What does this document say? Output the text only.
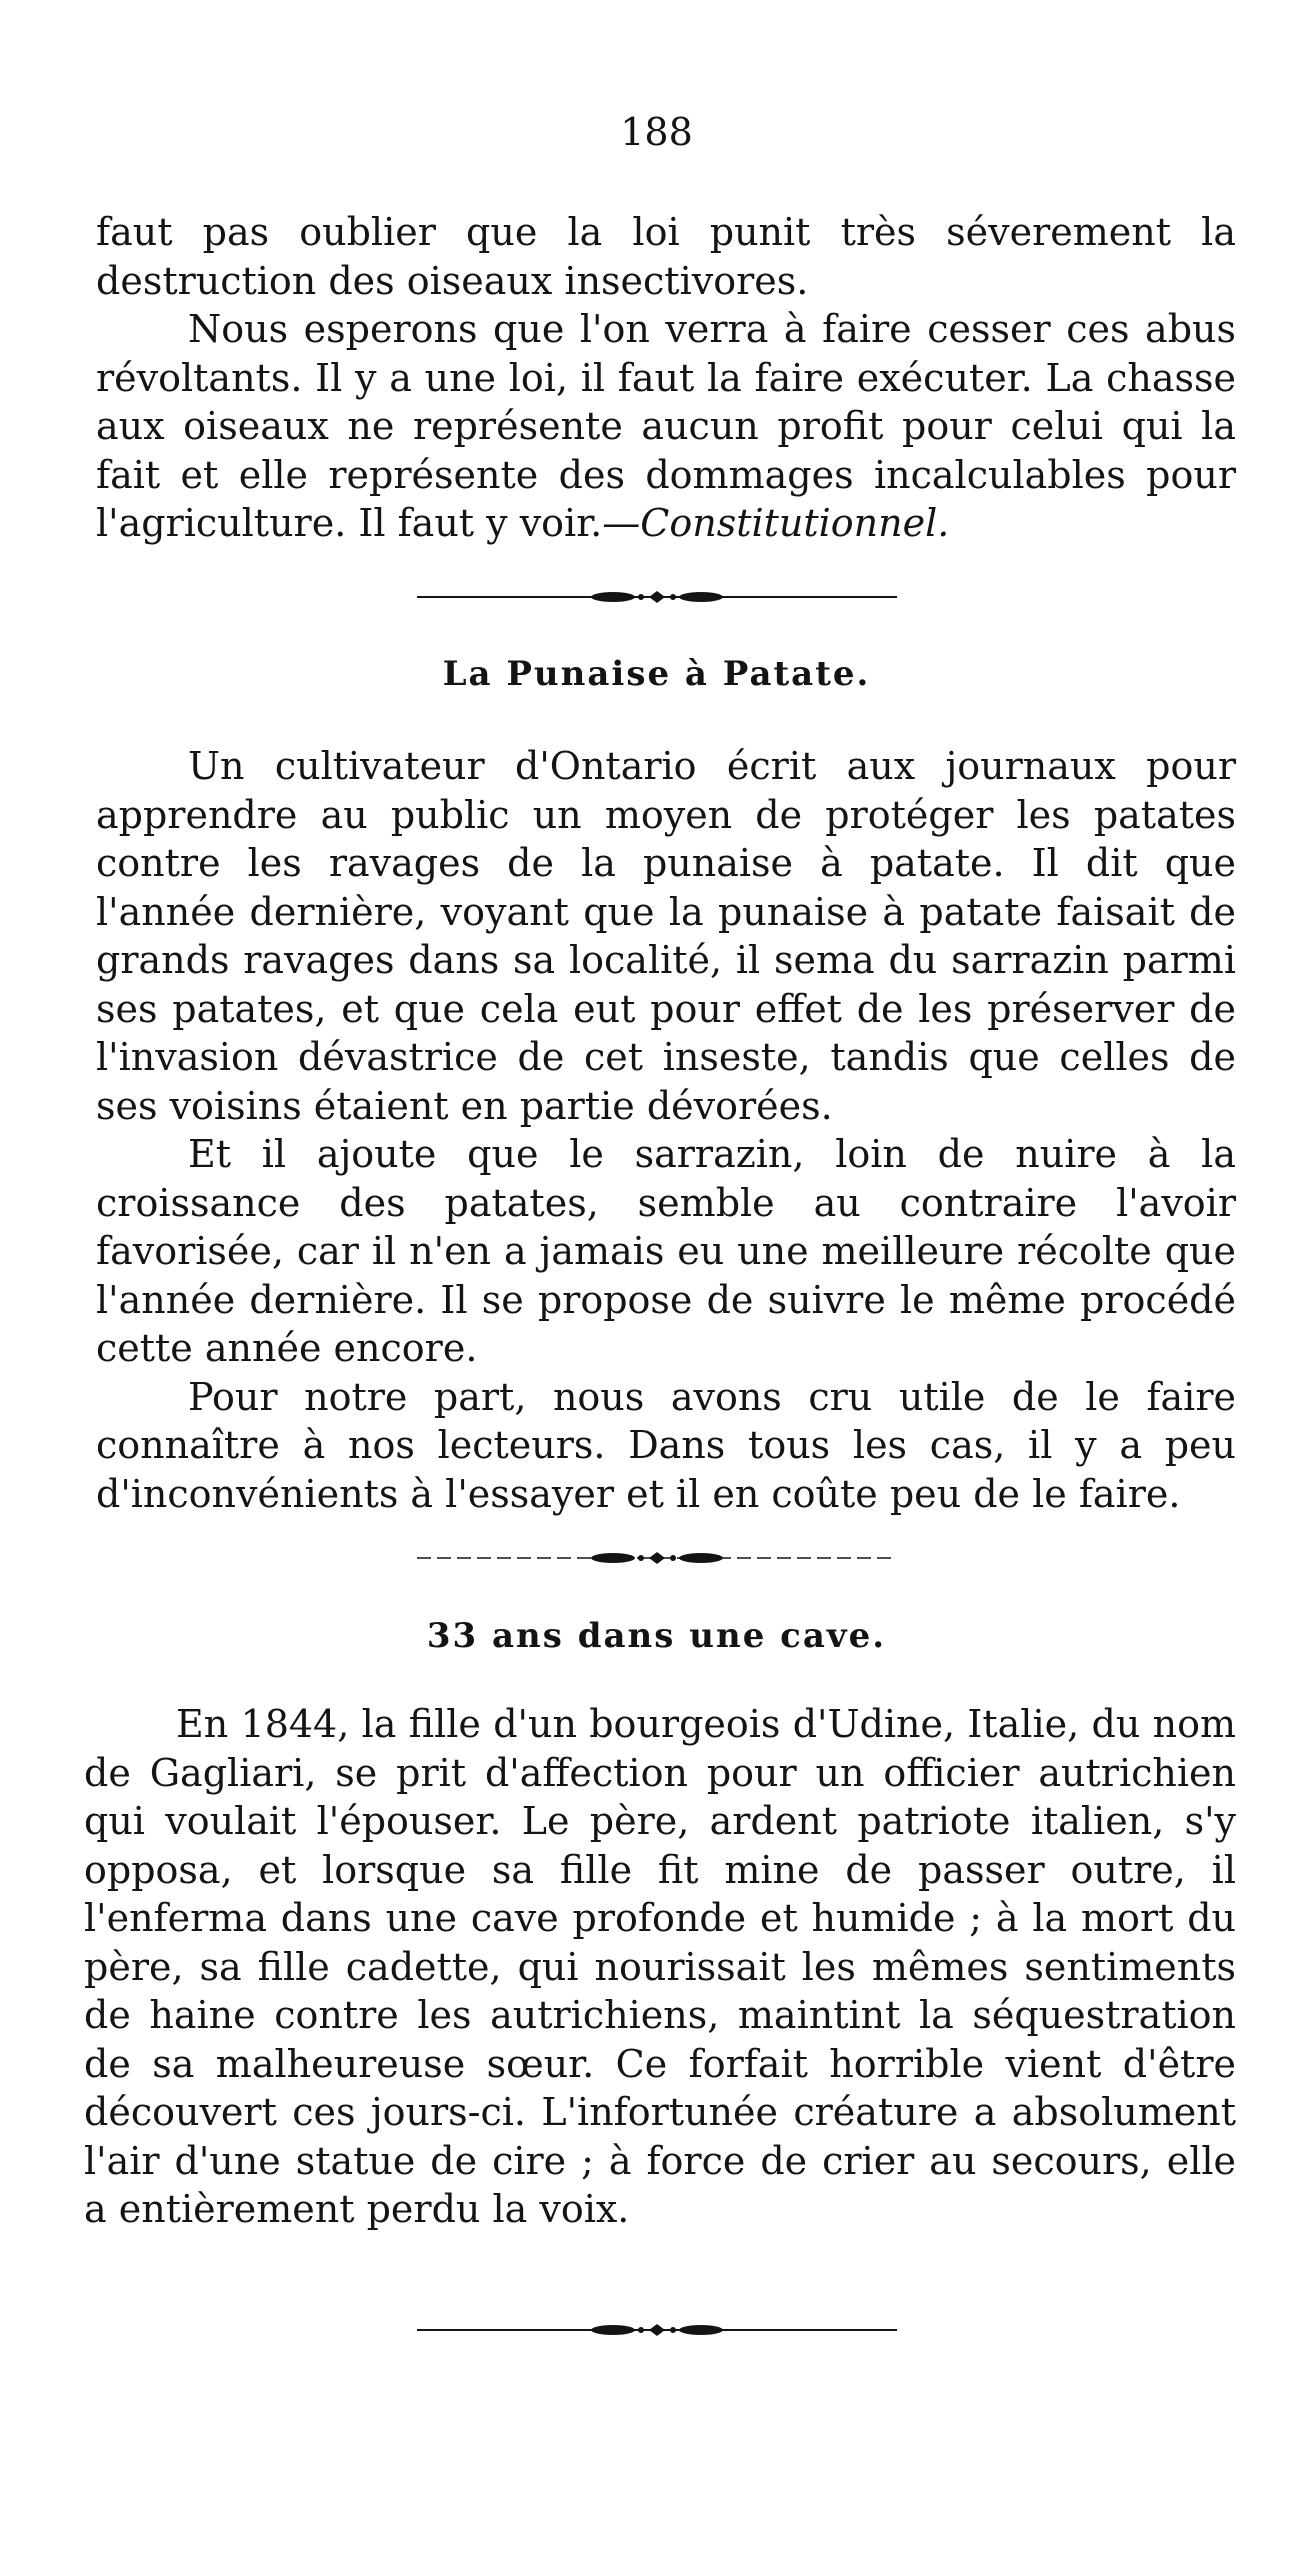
188

faut pas oublier que la loi punit très séverement la destruction des oiseaux insectivores.

Nous esperons que l'on verra à faire cesser ces abus révoltants. Il y a une loi, il faut la faire exécuter. La chasse aux oiseaux ne représente aucun profit pour celui qui la fait et elle représente des dommages incalculables pour l'agriculture. Il faut y voir.—Constitutionnel.

La Punaise à Patate.

Un cultivateur d'Ontario écrit aux journaux pour apprendre au public un moyen de protéger les patates contre les ravages de la punaise à patate. Il dit que l'année dernière, voyant que la punaise à patate faisait de grands ravages dans sa localité, il sema du sarrazin parmi ses patates, et que cela eut pour effet de les préserver de l'invasion dévastrice de cet inseste, tandis que celles de ses voisins étaient en partie dévorées.

Et il ajoute que le sarrazin, loin de nuire à la croissance des patates, semble au contraire l'avoir favorisée, car il n'en a jamais eu une meilleure récolte que l'année dernière. Il se propose de suivre le même procédé cette année encore.

Pour notre part, nous avons cru utile de le faire connaître à nos lecteurs. Dans tous les cas, il y a peu d'inconvénients à l'essayer et il en coûte peu de le faire.

33 ans dans une cave.

En 1844, la fille d'un bourgeois d'Udine, Italie, du nom de Gagliari, se prit d'affection pour un officier autrichien qui voulait l'épouser. Le père, ardent patriote italien, s'y opposa, et lorsque sa fille fit mine de passer outre, il l'enferma dans une cave profonde et humide ; à la mort du père, sa fille cadette, qui nourissait les mêmes sentiments de haine contre les autrichiens, maintint la séquestration de sa malheureuse sœur. Ce forfait horrible vient d'être découvert ces jours-ci. L'infortunée créature a absolument l'air d'une statue de cire ; à force de crier au secours, elle a entièrement perdu la voix.
